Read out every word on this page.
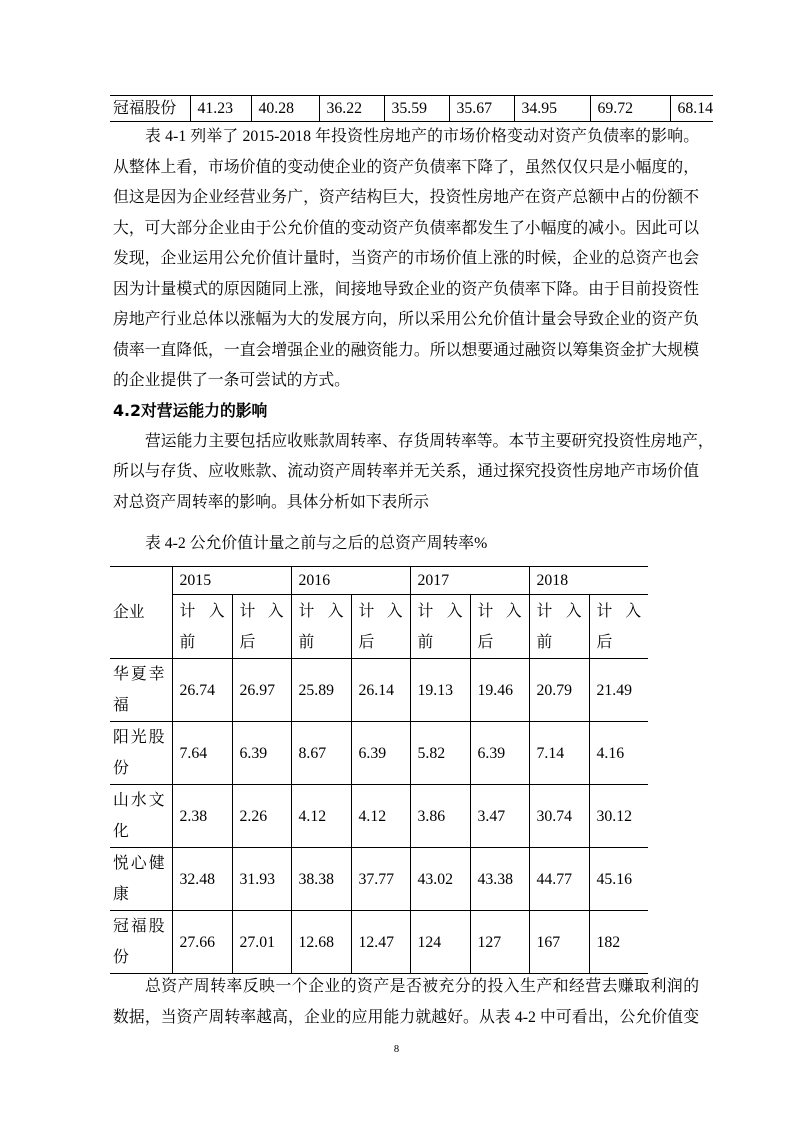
冠福股份	41.23	40.28	36.22	35.59	35.67	34.95	69.72	68.14
表 4-1 列举了 2015-2018 年投资性房地产的市场价格变动对资产负债率的影响。
从整体上看，市场价值的变动使企业的资产负债率下降了，虽然仅仅只是小幅度的，
但这是因为企业经营业务广，资产结构巨大，投资性房地产在资产总额中占的份额不
大，可大部分企业由于公允价值的变动资产负债率都发生了小幅度的减小。因此可以
发现，企业运用公允价值计量时，当资产的市场价值上涨的时候，企业的总资产也会
因为计量模式的原因随同上涨，间接地导致企业的资产负债率下降。由于目前投资性
房地产行业总体以涨幅为大的发展方向，所以采用公允价值计量会导致企业的资产负
债率一直降低，一直会增强企业的融资能力。所以想要通过融资以筹集资金扩大规模
的企业提供了一条可尝试的方式。
4.2对营运能力的影响
营运能力主要包括应收账款周转率、存货周转率等。本节主要研究投资性房地产，
所以与存货、应收账款、流动资产周转率并无关系，通过探究投资性房地产市场价值
对总资产周转率的影响。具体分析如下表所示
表 4-2 公允价值计量之前与之后的总资产周转率%
企业	2015		2016		2017		2018	
	计入前	计入后	计入前	计入后	计入前	计入后	计入前	计入后
华夏幸福	26.74	26.97	25.89	26.14	19.13	19.46	20.79	21.49
阳光股份	7.64	6.39	8.67	6.39	5.82	6.39	7.14	4.16
山水文化	2.38	2.26	4.12	4.12	3.86	3.47	30.74	30.12
悦心健康	32.48	31.93	38.38	37.77	43.02	43.38	44.77	45.16
冠福股份	27.66	27.01	12.68	12.47	124	127	167	182
总资产周转率反映一个企业的资产是否被充分的投入生产和经营去赚取利润的
数据，当资产周转率越高，企业的应用能力就越好。从表 4-2 中可看出，公允价值变
8
